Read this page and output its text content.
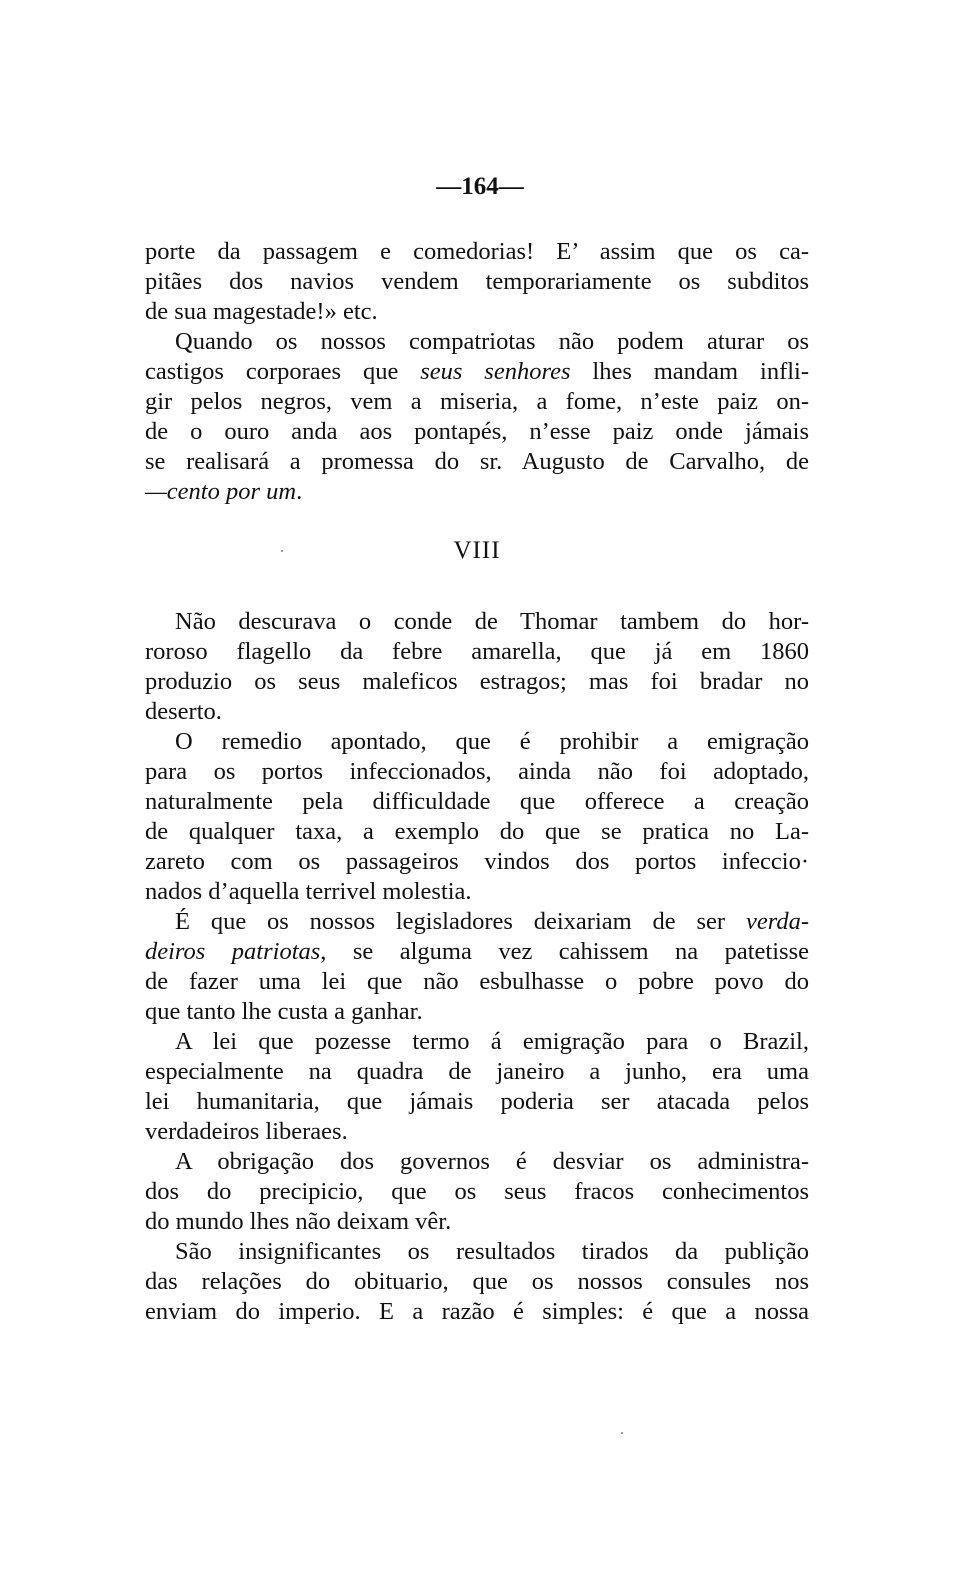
—164—
porte da passagem e comedorias! E’ assim que os ca-
pitães dos navios vendem temporariamente os subditos
de sua magestade!» etc.
Quando os nossos compatriotas não podem aturar os
castigos corporaes que seus senhores lhes mandam infli-
gir pelos negros, vem a miseria, a fome, n’este paiz on-
de o ouro anda aos pontapés, n’esse paiz onde jámais
se realisará a promessa do sr. Augusto de Carvalho, de
—cento por um.
VIII
Não descurava o conde de Thomar tambem do hor-
roroso flagello da febre amarella, que já em 1860
produzio os seus maleficos estragos; mas foi bradar no
deserto.
O remedio apontado, que é prohibir a emigração
para os portos infeccionados, ainda não foi adoptado,
naturalmente pela difficuldade que offerece a creação
de qualquer taxa, a exemplo do que se pratica no La-
zareto com os passageiros vindos dos portos infeccio·
nados d’aquella terrivel molestia.
É que os nossos legisladores deixariam de ser verda-
deiros patriotas, se alguma vez cahissem na patetisse
de fazer uma lei que não esbulhasse o pobre povo do
que tanto lhe custa a ganhar.
A lei que pozesse termo á emigração para o Brazil,
especialmente na quadra de janeiro a junho, era uma
lei humanitaria, que jámais poderia ser atacada pelos
verdadeiros liberaes.
A obrigação dos governos é desviar os administra-
dos do precipicio, que os seus fracos conhecimentos
do mundo lhes não deixam vêr.
São insignificantes os resultados tirados da publição
das relações do obituario, que os nossos consules nos
enviam do imperio. E a razão é simples: é que a nossa
